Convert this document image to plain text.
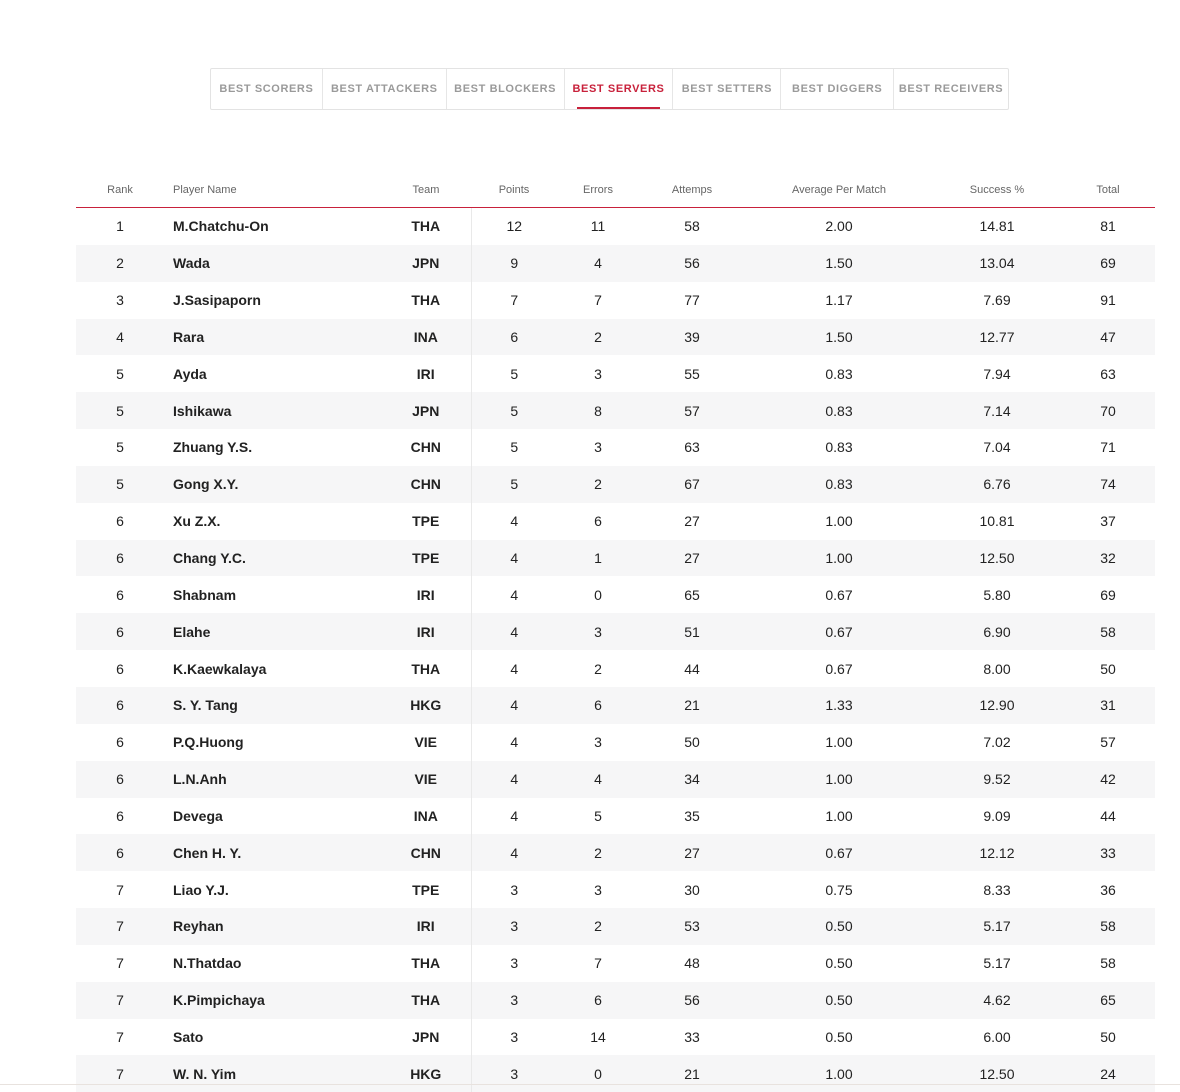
BEST SCORERS	BEST ATTACKERS	BEST BLOCKERS	BEST SERVERS	BEST SETTERS	BEST DIGGERS	BEST RECEIVERS
Rank	Player Name	Team	Points	Errors	Attemps	Average Per Match	Success %	Total
1	M.Chatchu-On	THA	12	11	58	2.00	14.81	81
2	Wada	JPN	9	4	56	1.50	13.04	69
3	J.Sasipaporn	THA	7	7	77	1.17	7.69	91
4	Rara	INA	6	2	39	1.50	12.77	47
5	Ayda	IRI	5	3	55	0.83	7.94	63
5	Ishikawa	JPN	5	8	57	0.83	7.14	70
5	Zhuang Y.S.	CHN	5	3	63	0.83	7.04	71
5	Gong X.Y.	CHN	5	2	67	0.83	6.76	74
6	Xu Z.X.	TPE	4	6	27	1.00	10.81	37
6	Chang Y.C.	TPE	4	1	27	1.00	12.50	32
6	Shabnam	IRI	4	0	65	0.67	5.80	69
6	Elahe	IRI	4	3	51	0.67	6.90	58
6	K.Kaewkalaya	THA	4	2	44	0.67	8.00	50
6	S. Y. Tang	HKG	4	6	21	1.33	12.90	31
6	P.Q.Huong	VIE	4	3	50	1.00	7.02	57
6	L.N.Anh	VIE	4	4	34	1.00	9.52	42
6	Devega	INA	4	5	35	1.00	9.09	44
6	Chen H. Y.	CHN	4	2	27	0.67	12.12	33
7	Liao Y.J.	TPE	3	3	30	0.75	8.33	36
7	Reyhan	IRI	3	2	53	0.50	5.17	58
7	N.Thatdao	THA	3	7	48	0.50	5.17	58
7	K.Pimpichaya	THA	3	6	56	0.50	4.62	65
7	Sato	JPN	3	14	33	0.50	6.00	50
7	W. N. Yim	HKG	3	0	21	1.00	12.50	24
